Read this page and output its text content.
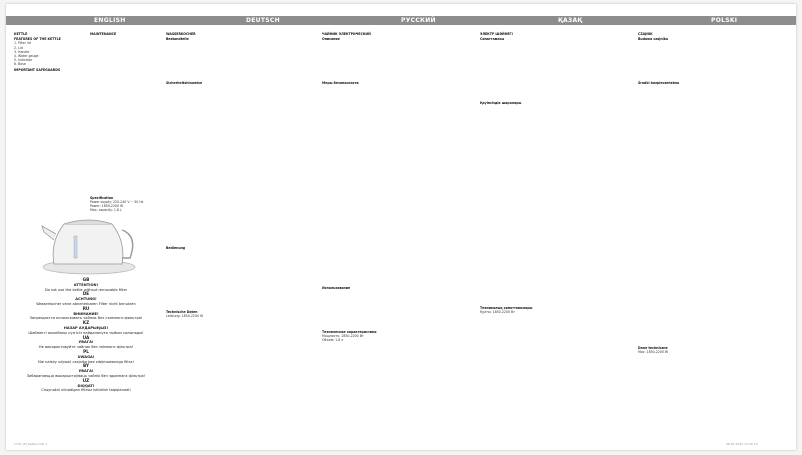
ENGLISH	DEUTSCH	РУССКИЙ	ҚАЗАҚ	POLSKI
KETTLE
FEATURES OF THE KETTLE
1. Filter lid
2. Lid
3. Handle
4. Water gauge
5. Indicator
6. Base
IMPORTANT SAFEGUARDS
MAINTENANCE
Specification
Power supply: 220-240 V ~ 50 Hz
Power: 1850-2200 W
Max. capacity: 1.8 L
WASSERKOCHER
Bestandteile
Sicherheitshinweise
Bedienung
Technische Daten
Leistung: 1850-2200 W
ЧАЙНИК ЭЛЕКТРИЧЕСКИЙ
Описание
Меры безопасности
Использование
Технические характеристики
Мощность: 1850-2200 Вт
Объем: 1,8 л
ЭЛЕКТР ШӘЙНЕГІ
Сипаттамасы
Қауіпсіздік шаралары
Техникалық сипаттамалары
Қуаты: 1850-2200 Вт
CZAJNIK
Budowa czajnika
Środki bezpieczeństwa
Dane techniczne
Moc: 1850-2200 W
GB
ATTENTION!
Do not use the kettle without removable filter
DE
ACHTUNG!
Wasserkocher ohne abnehmbaren Filter nicht benutzen
RU
ВНИМАНИЕ!
Запрещается использовать чайник без съемного фильтра!
KZ
НАЗАР АУДАРЫҢЫЗ!
Шайнекті алынбалы сүзгісіз пайдалануға тыйым салынады!
UA
УВАГА!
Не використовуйте чайник без знімного фільтра!
PL
UWAGA!
Nie należy używać czajnika bez zdejmowanego filtra!
BY
УВАГА!
Забараняецца выкарыстоўваць чайнік без здымнага фільтра!
UZ
DIQQAT!
Choynakni olinadigan filtrsiz ishlatish taqiqlanadi!
1797_IM_Kettle.indd 1	06.07.2015 13:45:10
